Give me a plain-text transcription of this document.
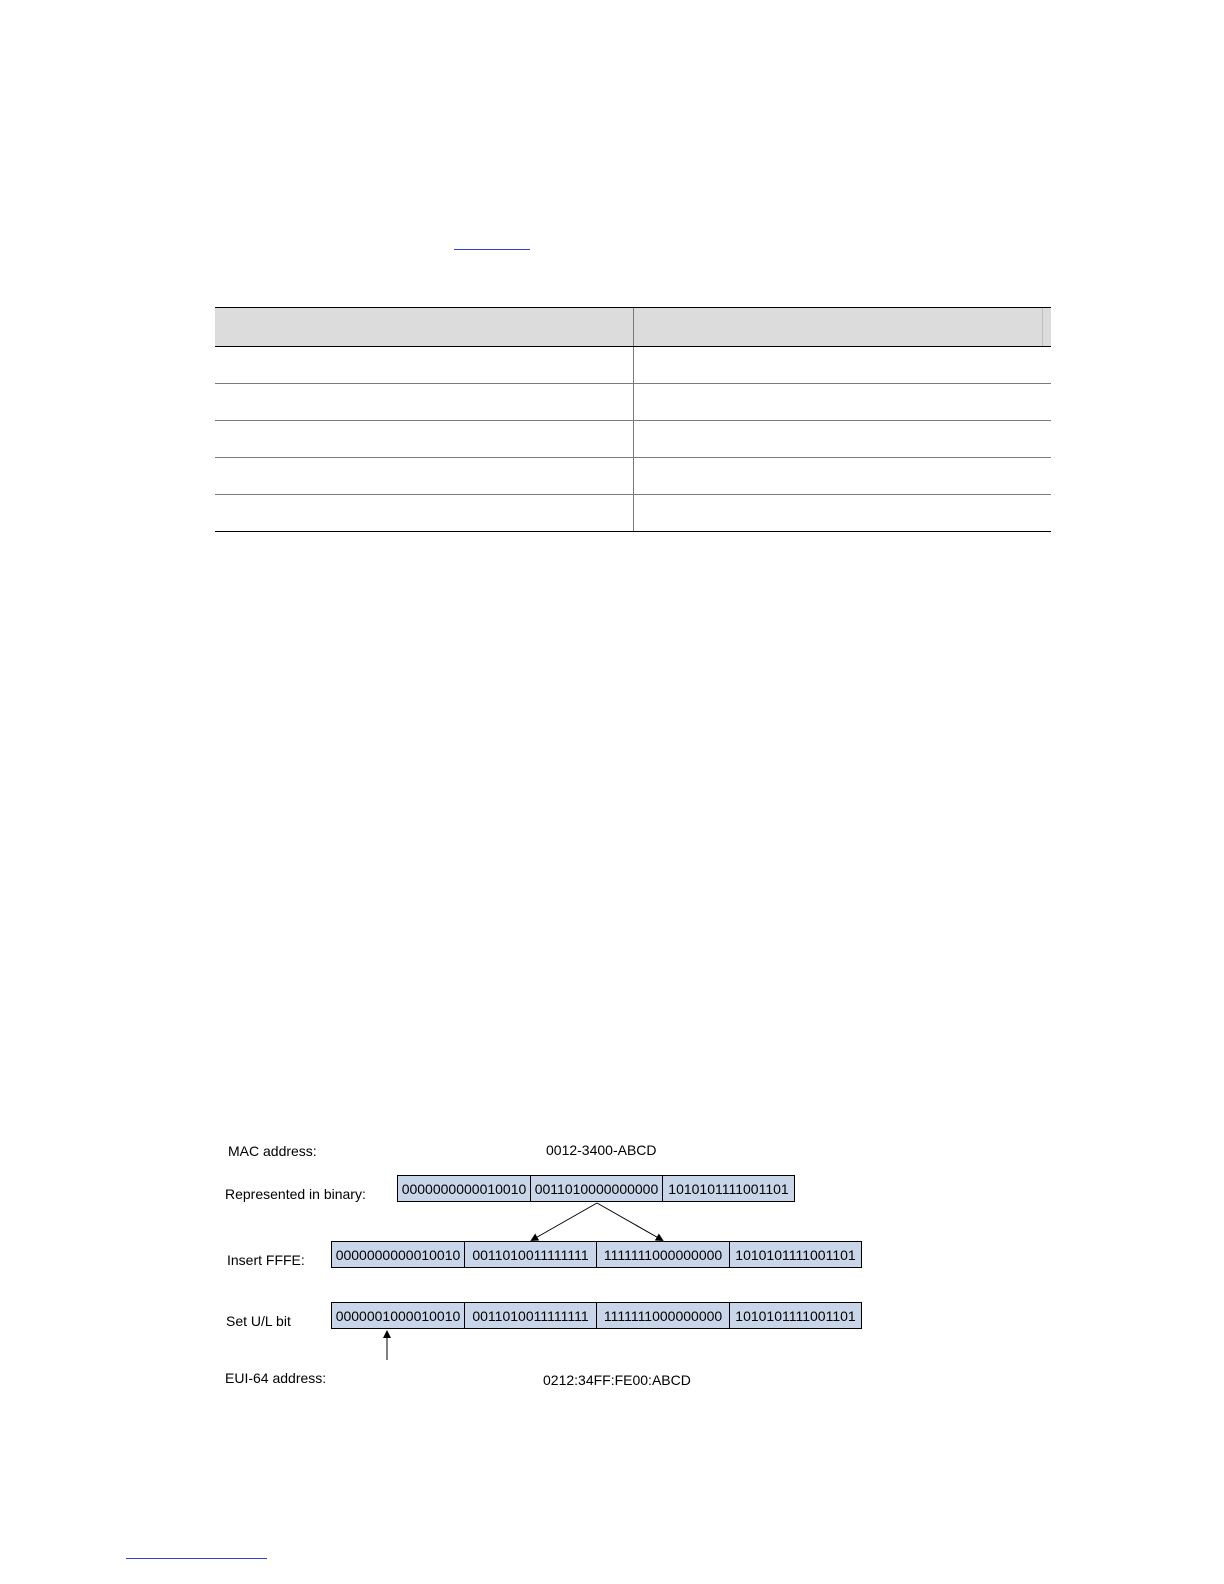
MAC address:	0012-3400-ABCD
Represented in binary:	0000000000010010 0011010000000000 1010101111001101
Insert FFFE: 0000000000010010 0011010011111111	1111111000000000 1010101111001101
Set U/L bit	0000001000010010 0011010011111111	1111111000000000 1010101111001101
EUI-64 address:	0212:34FF:FE00:ABCD
